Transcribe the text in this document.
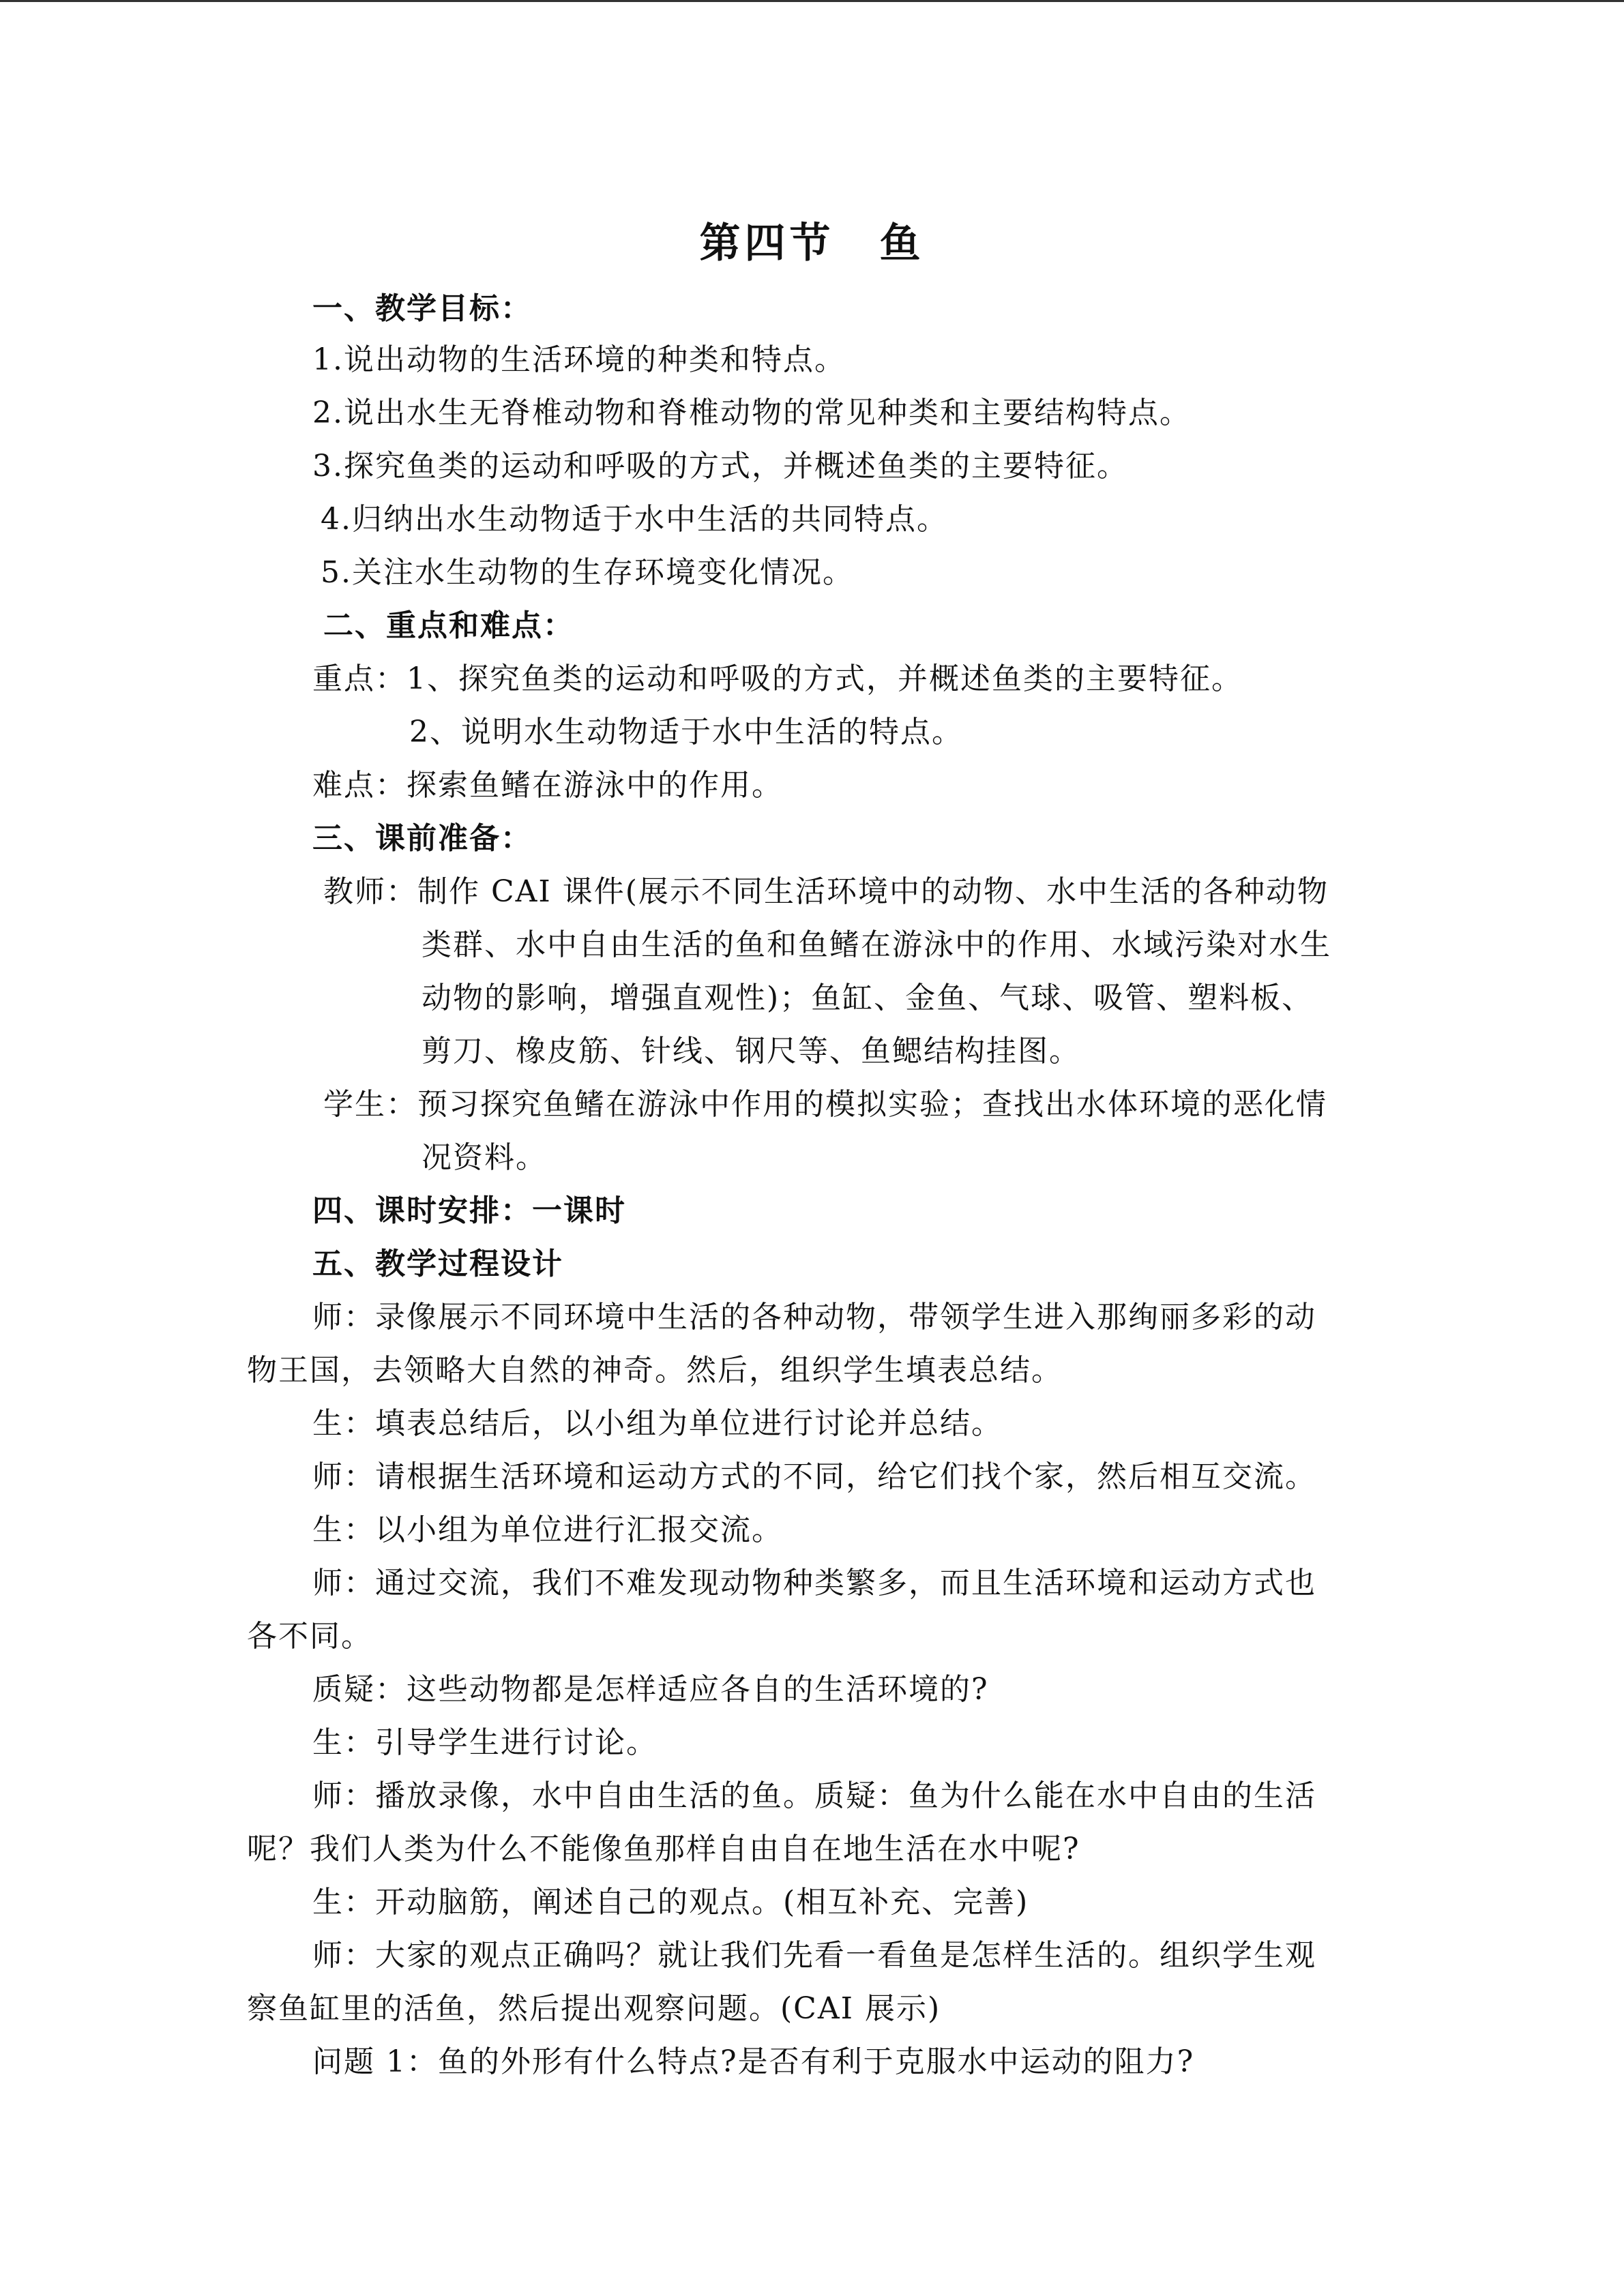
第四节　鱼
一、教学目标：
1.说出动物的生活环境的种类和特点。
2.说出水生无脊椎动物和脊椎动物的常见种类和主要结构特点。
3.探究鱼类的运动和呼吸的方式，并概述鱼类的主要特征。
4.归纳出水生动物适于水中生活的共同特点。
5.关注水生动物的生存环境变化情况。
二、重点和难点：
重点：1、探究鱼类的运动和呼吸的方式，并概述鱼类的主要特征。
2、说明水生动物适于水中生活的特点。
难点：探索鱼鳍在游泳中的作用。
三、课前准备：
教师：制作 CAI 课件(展示不同生活环境中的动物、水中生活的各种动物
类群、水中自由生活的鱼和鱼鳍在游泳中的作用、水域污染对水生
动物的影响，增强直观性)；鱼缸、金鱼、气球、吸管、塑料板、
剪刀、橡皮筋、针线、钢尺等、鱼鳃结构挂图。
学生：预习探究鱼鳍在游泳中作用的模拟实验；查找出水体环境的恶化情
况资料。
四、课时安排：一课时
五、教学过程设计
师：录像展示不同环境中生活的各种动物，带领学生进入那绚丽多彩的动
物王国，去领略大自然的神奇。然后，组织学生填表总结。
生：填表总结后，以小组为单位进行讨论并总结。
师：请根据生活环境和运动方式的不同，给它们找个家，然后相互交流。
生：以小组为单位进行汇报交流。
师：通过交流，我们不难发现动物种类繁多，而且生活环境和运动方式也
各不同。
质疑：这些动物都是怎样适应各自的生活环境的?
生：引导学生进行讨论。
师：播放录像，水中自由生活的鱼。质疑：鱼为什么能在水中自由的生活
呢？我们人类为什么不能像鱼那样自由自在地生活在水中呢?
生：开动脑筋，阐述自己的观点。(相互补充、完善)
师：大家的观点正确吗？就让我们先看一看鱼是怎样生活的。组织学生观
察鱼缸里的活鱼，然后提出观察问题。(CAI 展示)
问题 1：鱼的外形有什么特点?是否有利于克服水中运动的阻力?
